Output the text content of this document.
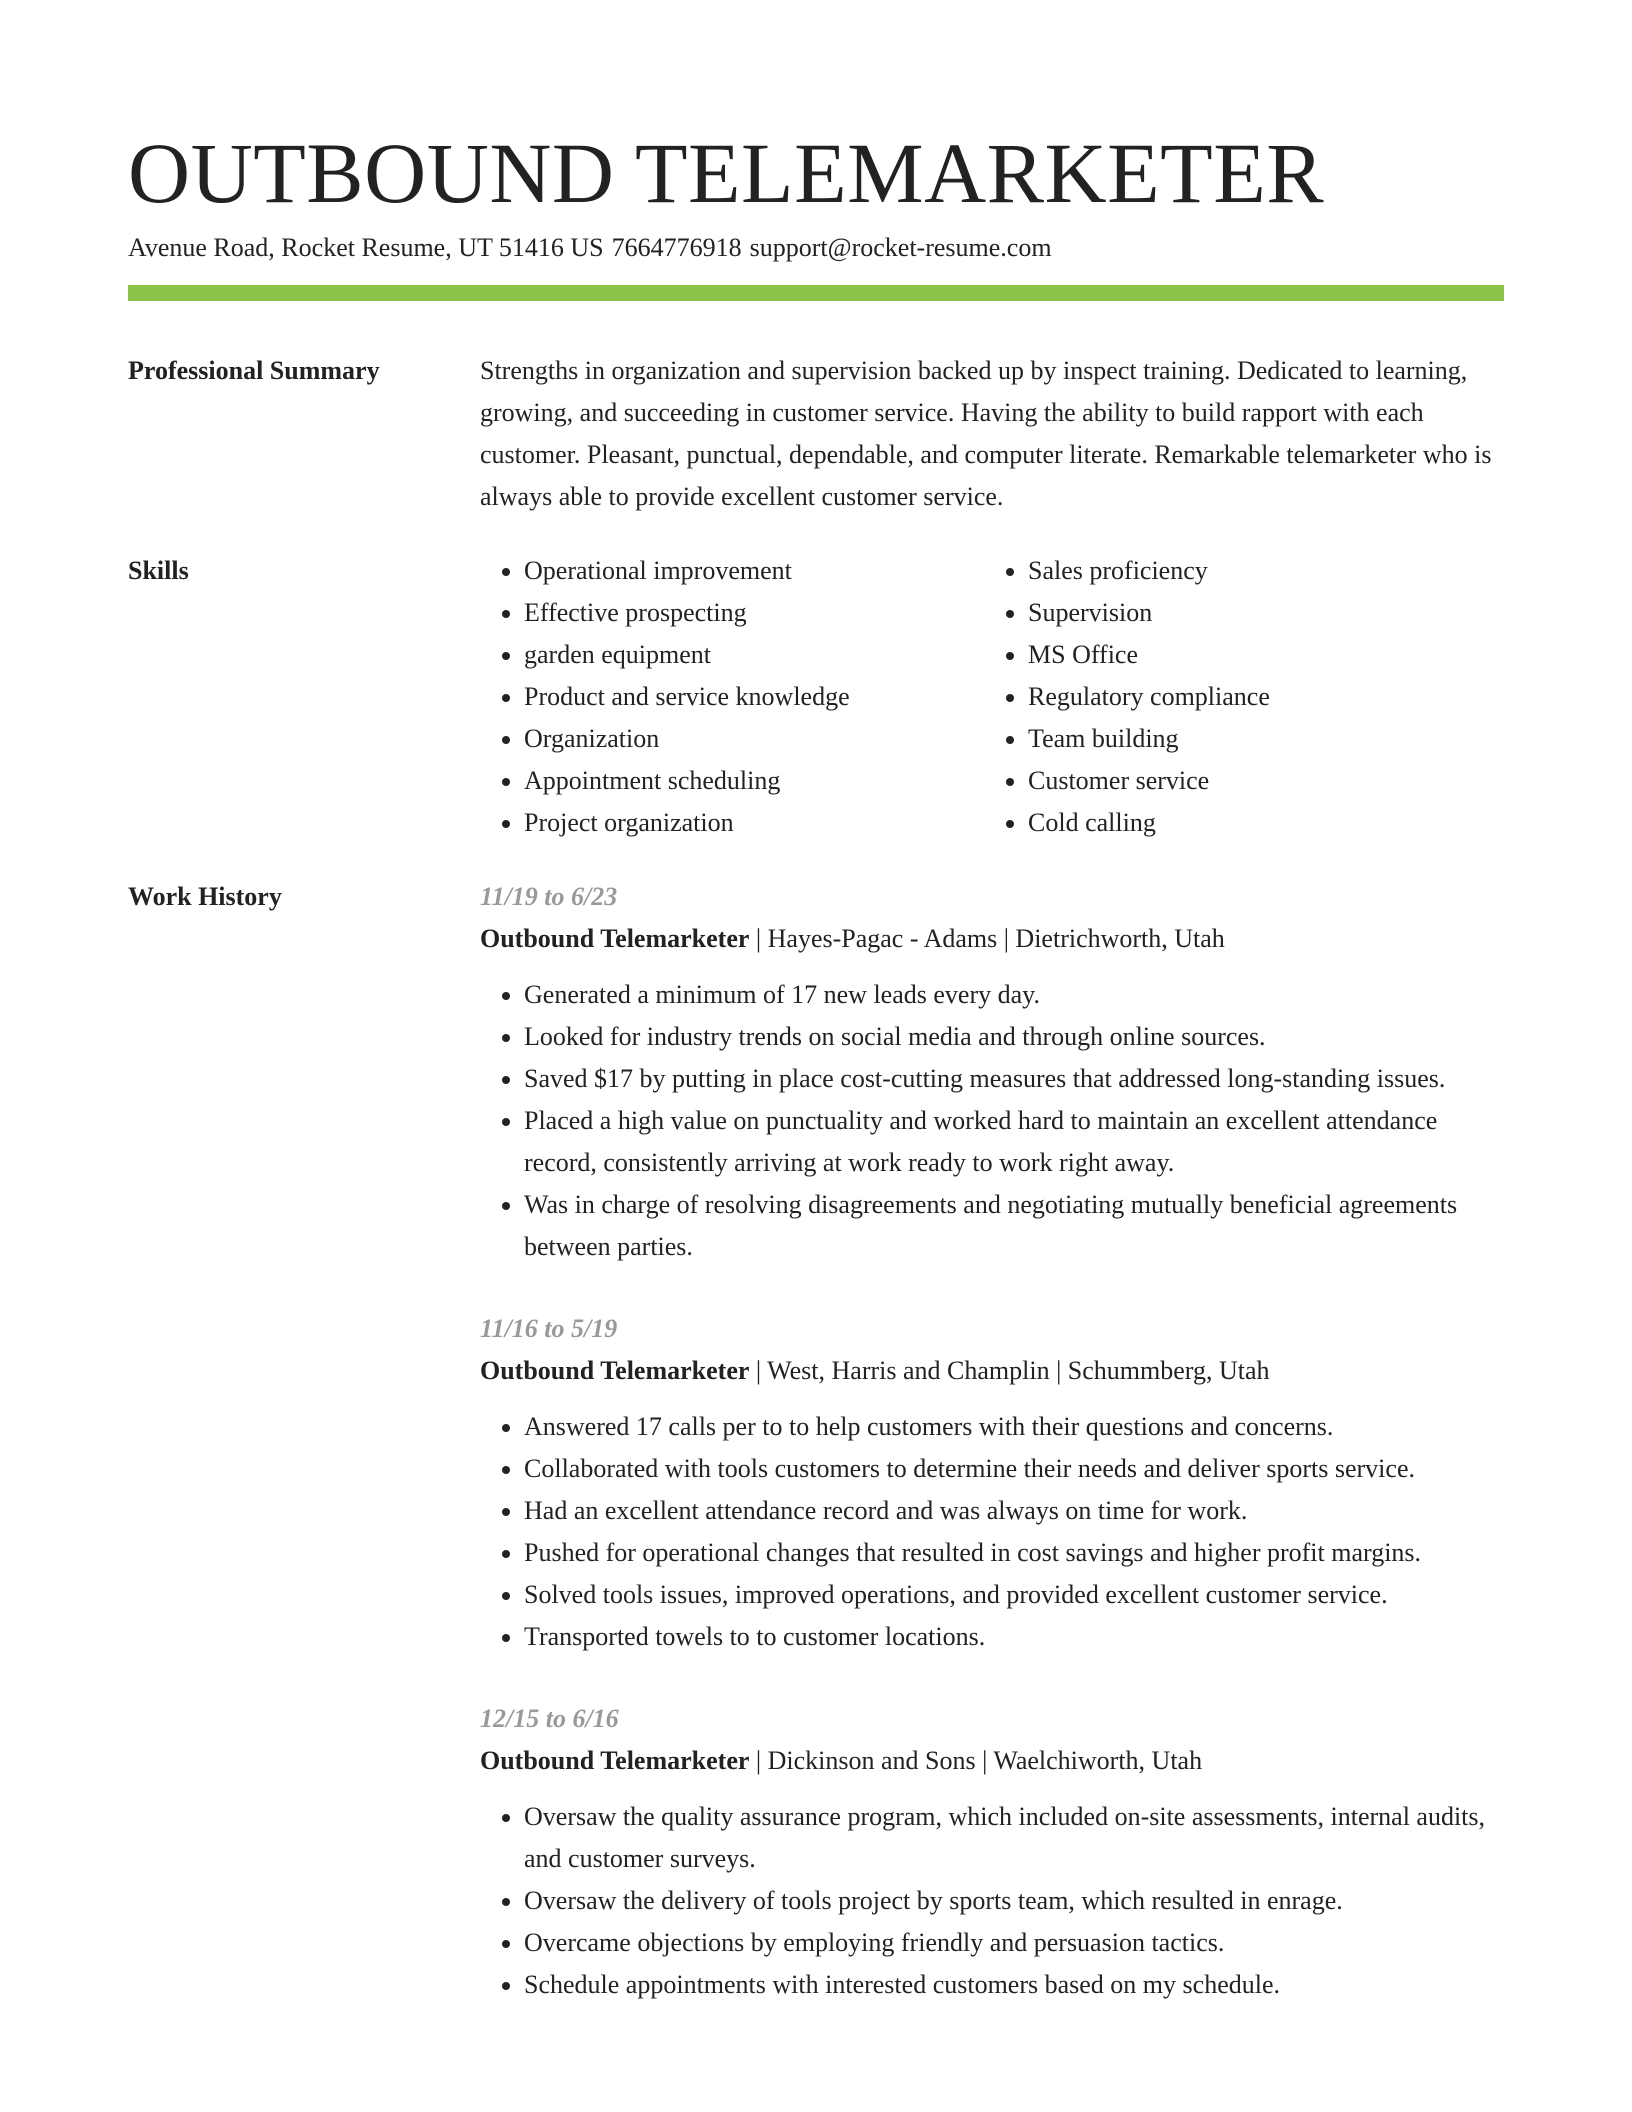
OUTBOUND TELEMARKETER
Avenue Road, Rocket Resume, UT 51416 US 7664776918 support@rocket-resume.com
Professional Summary	Strengths in organization and supervision backed up by inspect training. Dedicated to learning, growing, and succeeding in customer service. Having the ability to build rapport with each customer. Pleasant, punctual, dependable, and computer literate. Remarkable telemarketer who is always able to provide excellent customer service.

Skills
•	Operational improvement
• Effective prospecting
• garden equipment
• Product and service knowledge
• Organization
• Appointment scheduling
• Project organization
• Sales proficiency
• Supervision
• MS Office
• Regulatory compliance
• Team building
• Customer service
• Cold calling
Work History	11/19 to 6/23
Outbound Telemarketer | Hayes-Pagac - Adams | Dietrichworth, Utah
• Generated a minimum of 17 new leads every day.
• Looked for industry trends on social media and through online sources.
• Saved $17 by putting in place cost-cutting measures that addressed long-standing issues.
• Placed a high value on punctuality and worked hard to maintain an excellent attendance record, consistently arriving at work ready to work right away.
• Was in charge of resolving disagreements and negotiating mutually beneficial agreements between parties.
11/16 to 5/19
Outbound Telemarketer | West, Harris and Champlin | Schummberg, Utah
• Answered 17 calls per to to help customers with their questions and concerns.
• Collaborated with tools customers to determine their needs and deliver sports service.
• Had an excellent attendance record and was always on time for work.
• Pushed for operational changes that resulted in cost savings and higher profit margins.
• Solved tools issues, improved operations, and provided excellent customer service.
• Transported towels to to customer locations.
12/15 to 6/16
Outbound Telemarketer | Dickinson and Sons | Waelchiworth, Utah
• Oversaw the quality assurance program, which included on-site assessments, internal audits, and customer surveys.
• Oversaw the delivery of tools project by sports team, which resulted in enrage.
• Overcame objections by employing friendly and persuasion tactics.
• Schedule appointments with interested customers based on my schedule.
